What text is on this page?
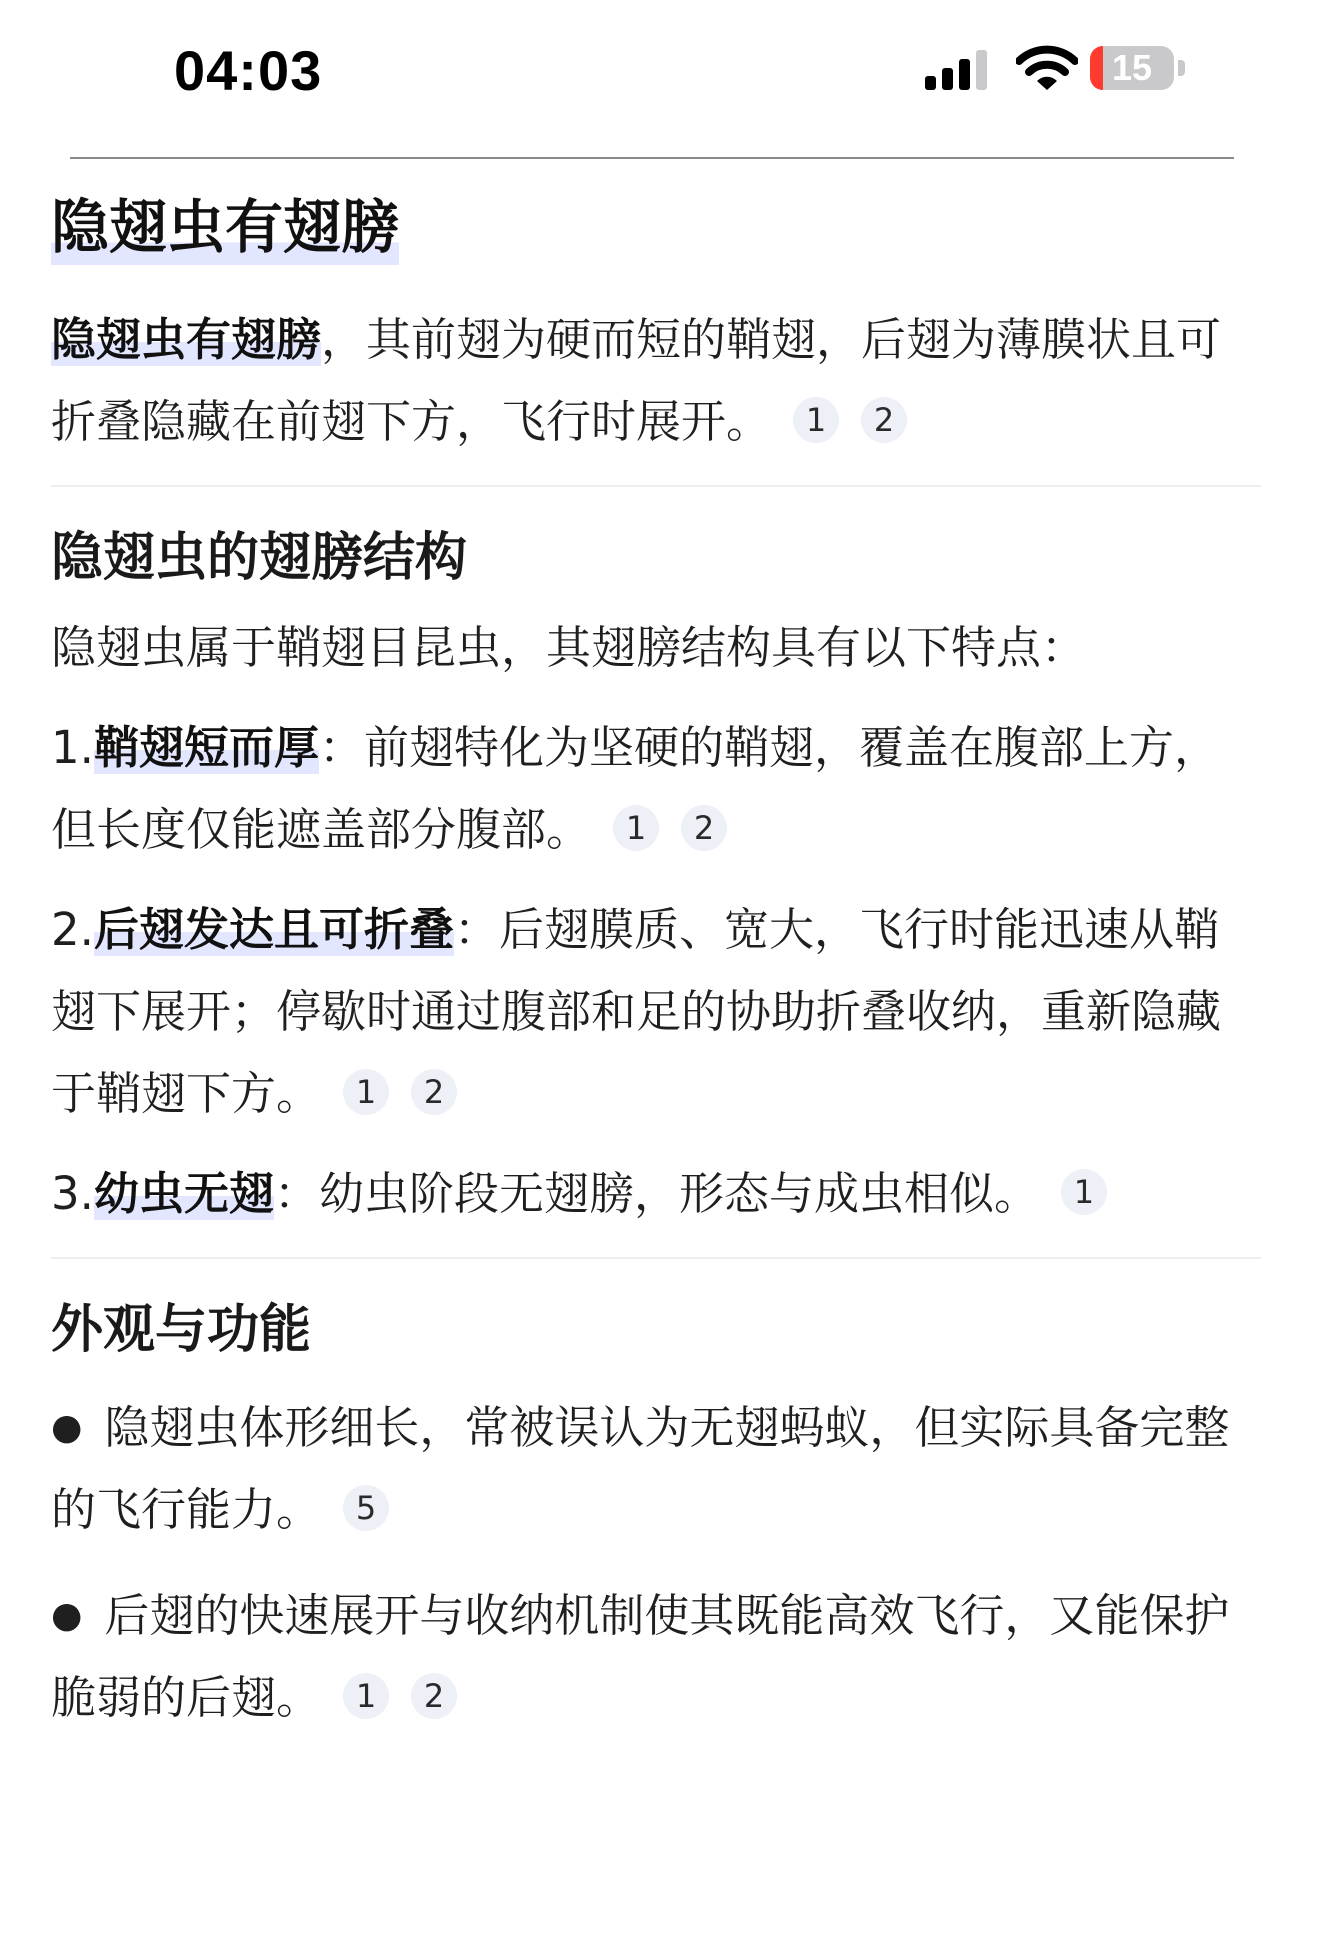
04:03	15
隐翅虫有翅膀

隐翅虫有翅膀，其前翅为硬而短的鞘翅，后翅为薄膜状且可折叠隐藏在前翅下方，飞行时展开。 1 2

隐翅虫的翅膀结构

隐翅虫属于鞘翅目昆虫，其翅膀结构具有以下特点：

1.鞘翅短而厚：前翅特化为坚硬的鞘翅，覆盖在腹部上方，但长度仅能遮盖部分腹部。 1 2
2.后翅发达且可折叠：后翅膜质、宽大，飞行时能迅速从鞘翅下展开；停歇时通过腹部和足的协助折叠收纳，重新隐藏于鞘翅下方。 1 2
3.幼虫无翅：幼虫阶段无翅膀，形态与成虫相似。 1
外观与功能
● 隐翅虫体形细长，常被误认为无翅蚂蚁，但实际具备完整的飞行能力。 5
● 后翅的快速展开与收纳机制使其既能高效飞行，又能保护脆弱的后翅。 1 2
